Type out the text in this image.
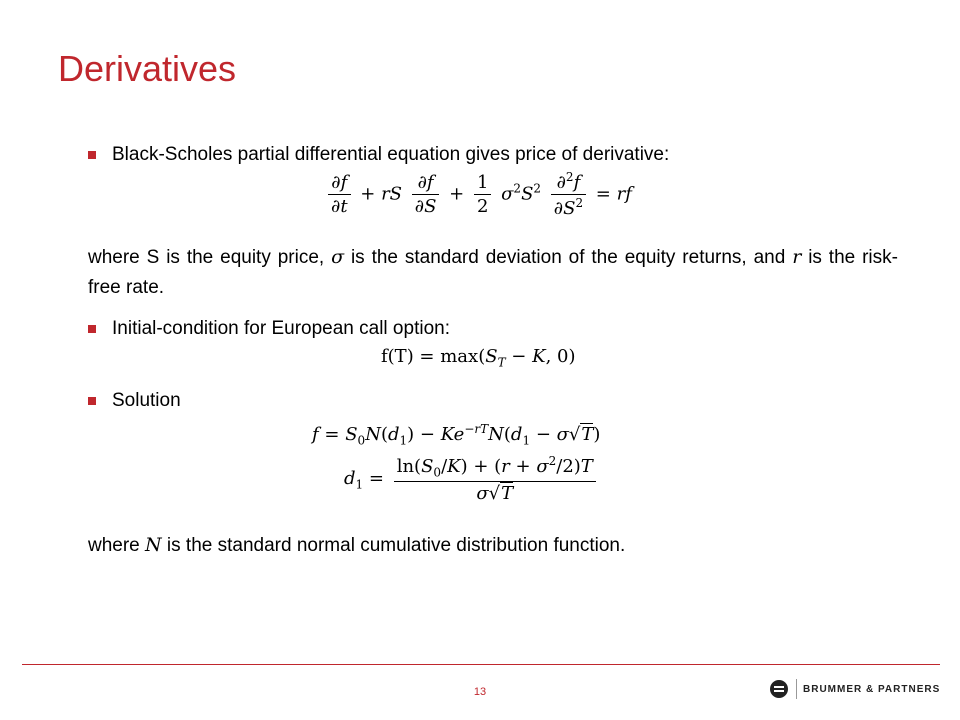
Derivatives
Black-Scholes partial differential equation gives price of derivative:
$\frac{\partial f}{\partial t}$ + rS $\frac{\partial f}{\partial S} + \frac{1}{2} \sigma^2S^2 \frac{\partial^2f}{\partial S^2}$ = rf
where S is the equity price, σ is the standard deviation of the equity returns, and r is the risk-free rate.
Initial-condition for European call option:
$f(T) = \max(S_T - K$, 0)
Solution
$f = S_0N(d_1) - Ke^{-rT}N(d_1 - \sigma√T)$
$d_1 = \frac{\ln(S_0/K) + (r + \sigma^2/2)T}{\sigma√T}$
where N is the standard normal cumulative distribution function.
13	BRUMMER & PARTNERS
